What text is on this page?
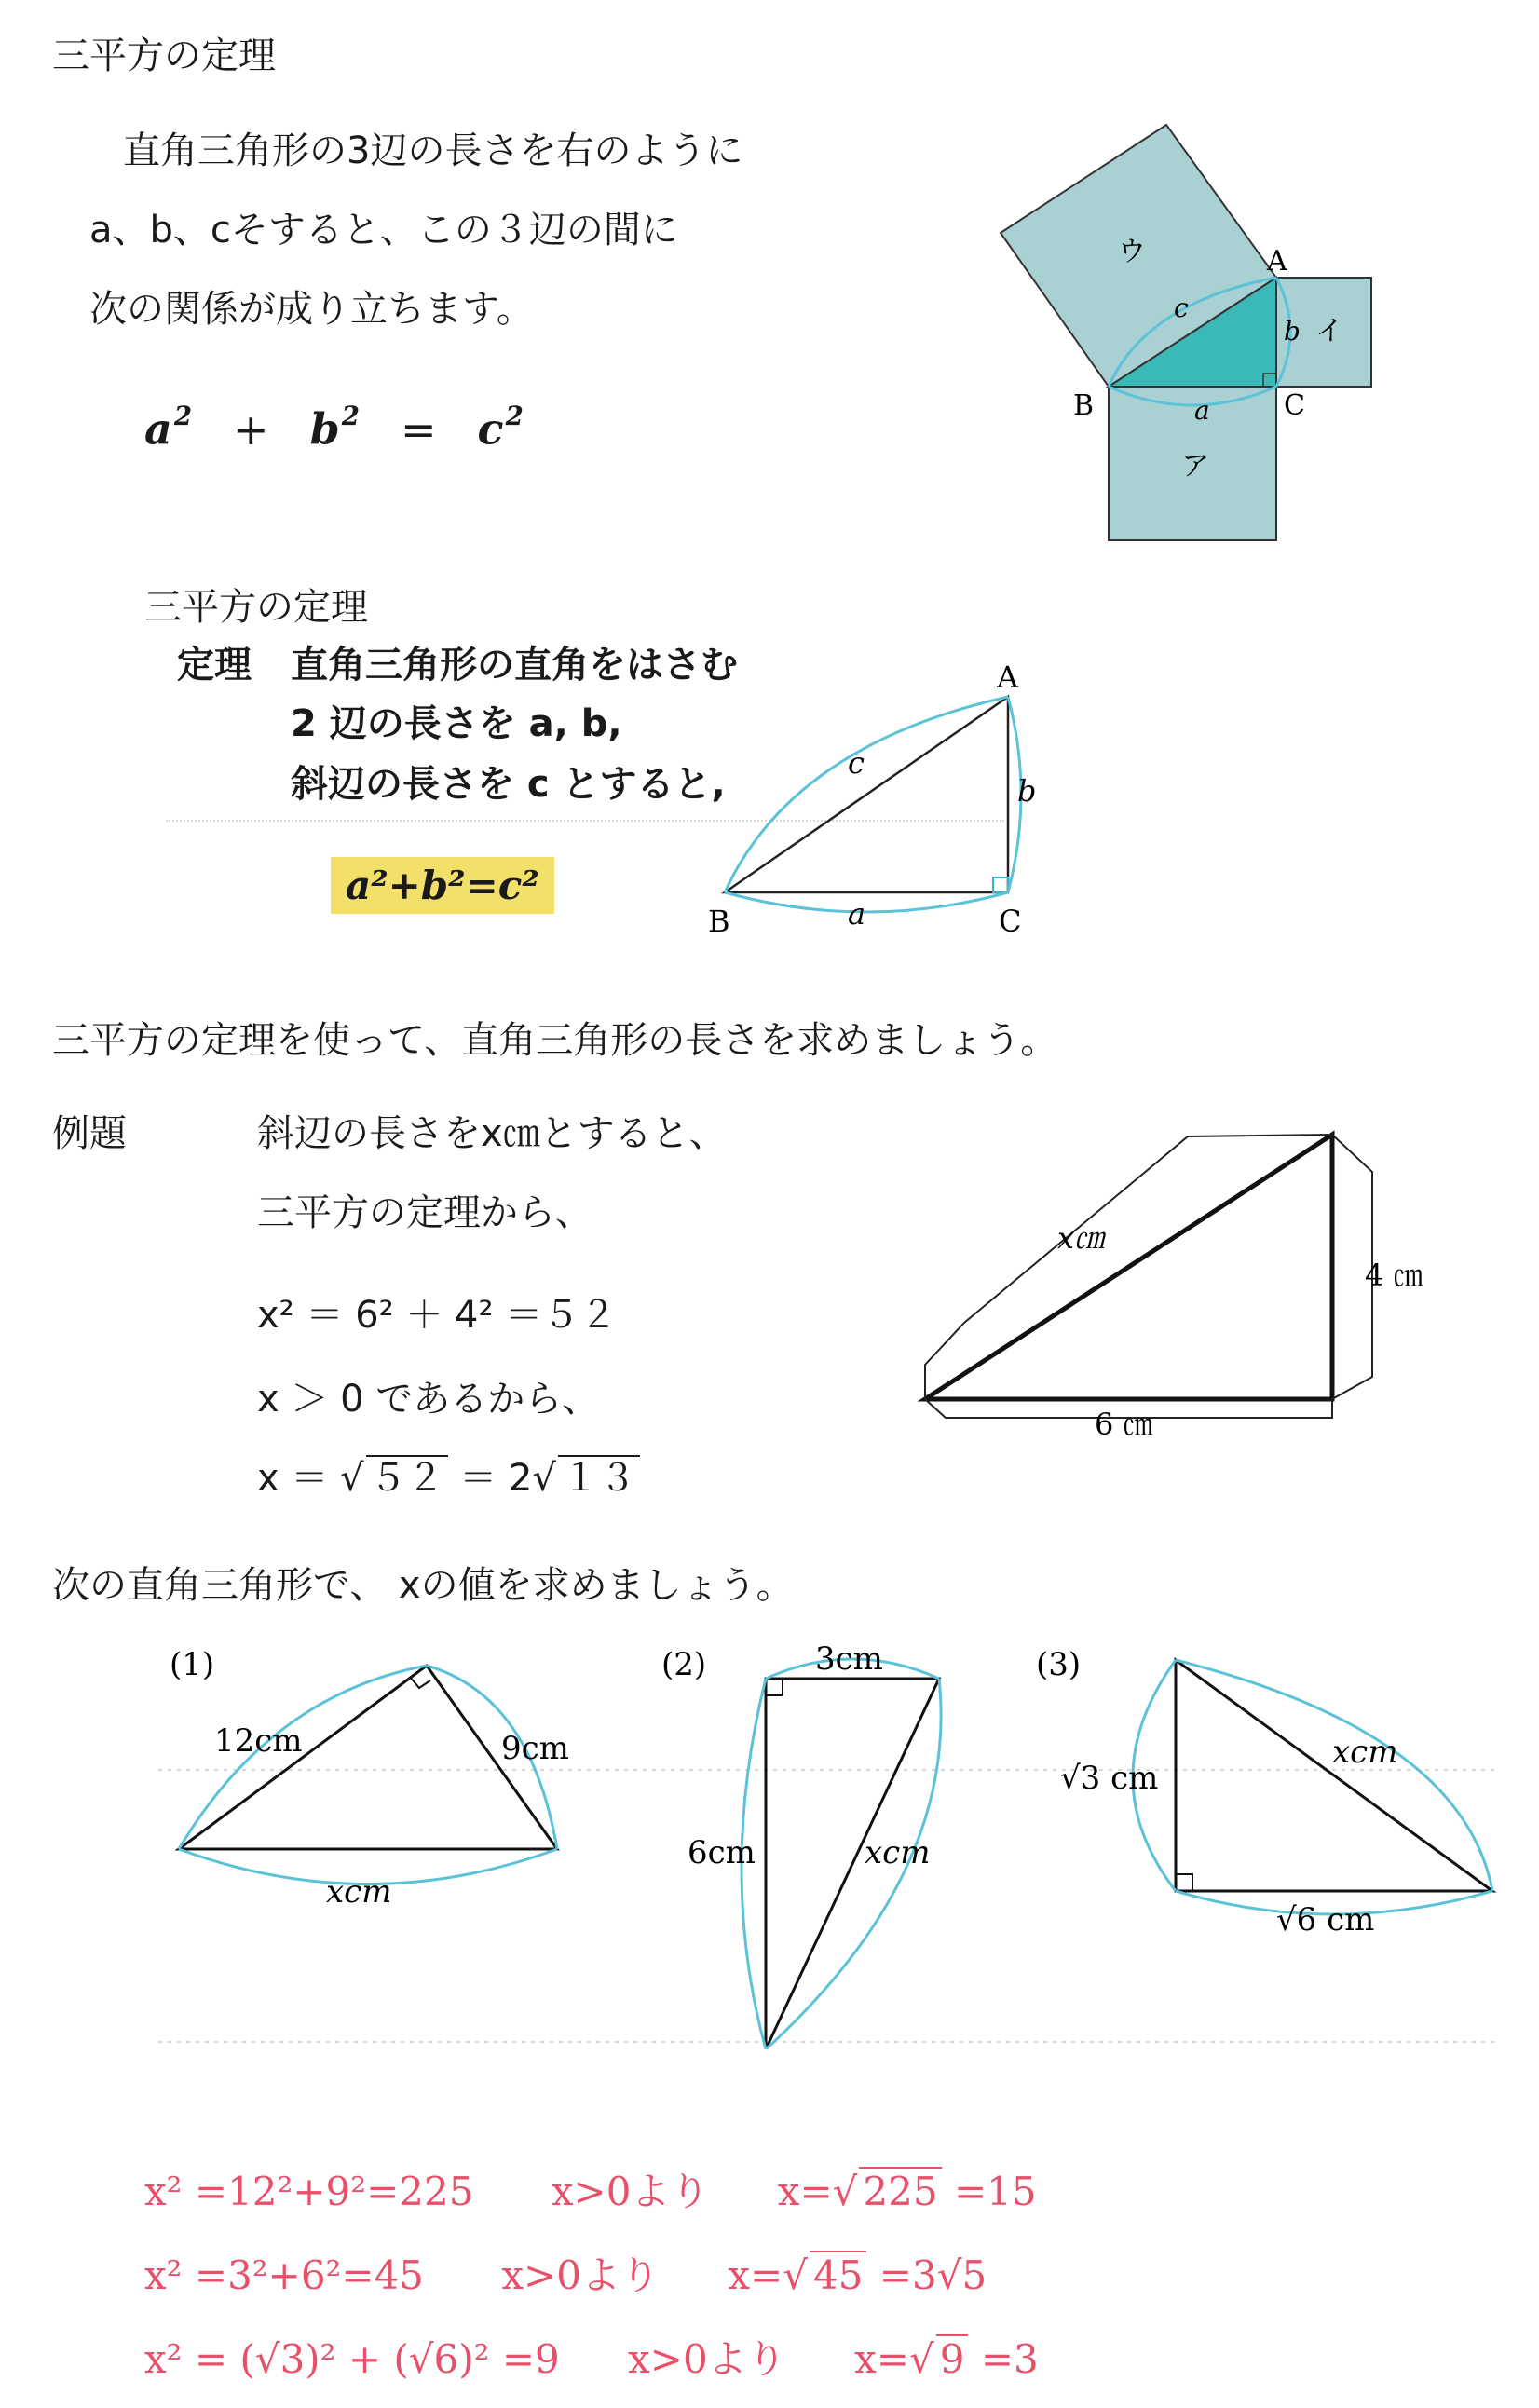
三平方の定理
直角三角形の3辺の長さを右のように
a、b、cそすると、この３辺の間に
次の関係が成り立ちます。
$a^2 + b^2 = c^2$
A
B	C
c
a
b
ウ
イ
ア
三平方の定理
定理 直角三角形の直角をはさむ
2 辺の長さを a, b,
斜辺の長さを c とすると,
a²+b²=c²
A
B	C
a
b
c
三平方の定理を使って、直角三角形の長さを求めましょう。
例題	斜辺の長さをx㎝とすると、
三平方の定理から、
x² ＝ 6² ＋ 4² ＝５２
x ＞ 0 であるから、
x ＝ √ ５２ ＝ 2√ １３
x㎝
4 ㎝
6 ㎝
次の直角三角形で、 xの値を求めましょう。
(1)
12cm	9cm
xcm
(2)	3cm
6cm	xcm
(3)
√3 cm
xcm
√6 cm
x² =12²+9²=225 x>0より x=√ 225 =15
x² =3²+6²=45 x>0より x=√ 45 =3√5
x² = (√3)² + (√6)² =9 x>0より x=√ 9 =3
